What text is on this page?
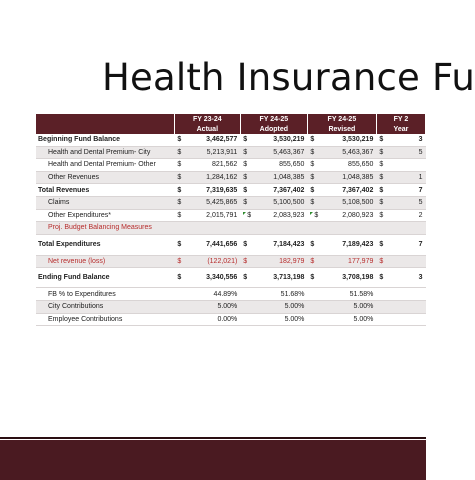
Health Insurance Fu
	FY 23-24		FY 24-25		FY 24-25		FY 2	
	Actual		Adopted		Revised		Year	
Beginning Fund Balance	$	3,462,577	$	3,530,219	$	3,530,219	$	3
Health and Dental Premium- City	$	5,213,911	$	5,463,367	$	5,463,367	$	5
Health and Dental Premium- Other	$	821,562	$	855,650	$	855,650	$	
Other Revenues	$	1,284,162	$	1,048,385	$	1,048,385	$	1
Total Revenues	$	7,319,635	$	7,367,402	$	7,367,402	$	7
Claims	$	5,425,865	$	5,100,500	$	5,108,500	$	5
Other Expenditures*	$	2,015,791	$	2,083,923	$	2,080,923	$	2
Proj. Budget Balancing Measures								
Total Expenditures	$	7,441,656	$	7,184,423	$	7,189,423	$	7
Net revenue (loss)	$	(122,021)	$	182,979	$	177,979	$	
Ending Fund Balance	$	3,340,556	$	3,713,198	$	3,708,198	$	3
FB % to Expenditures		44.89%		51.68%		51.58%		
City Contributions		5.00%		5.00%		5.00%		
Employee Contributions		0.00%		5.00%		5.00%		
